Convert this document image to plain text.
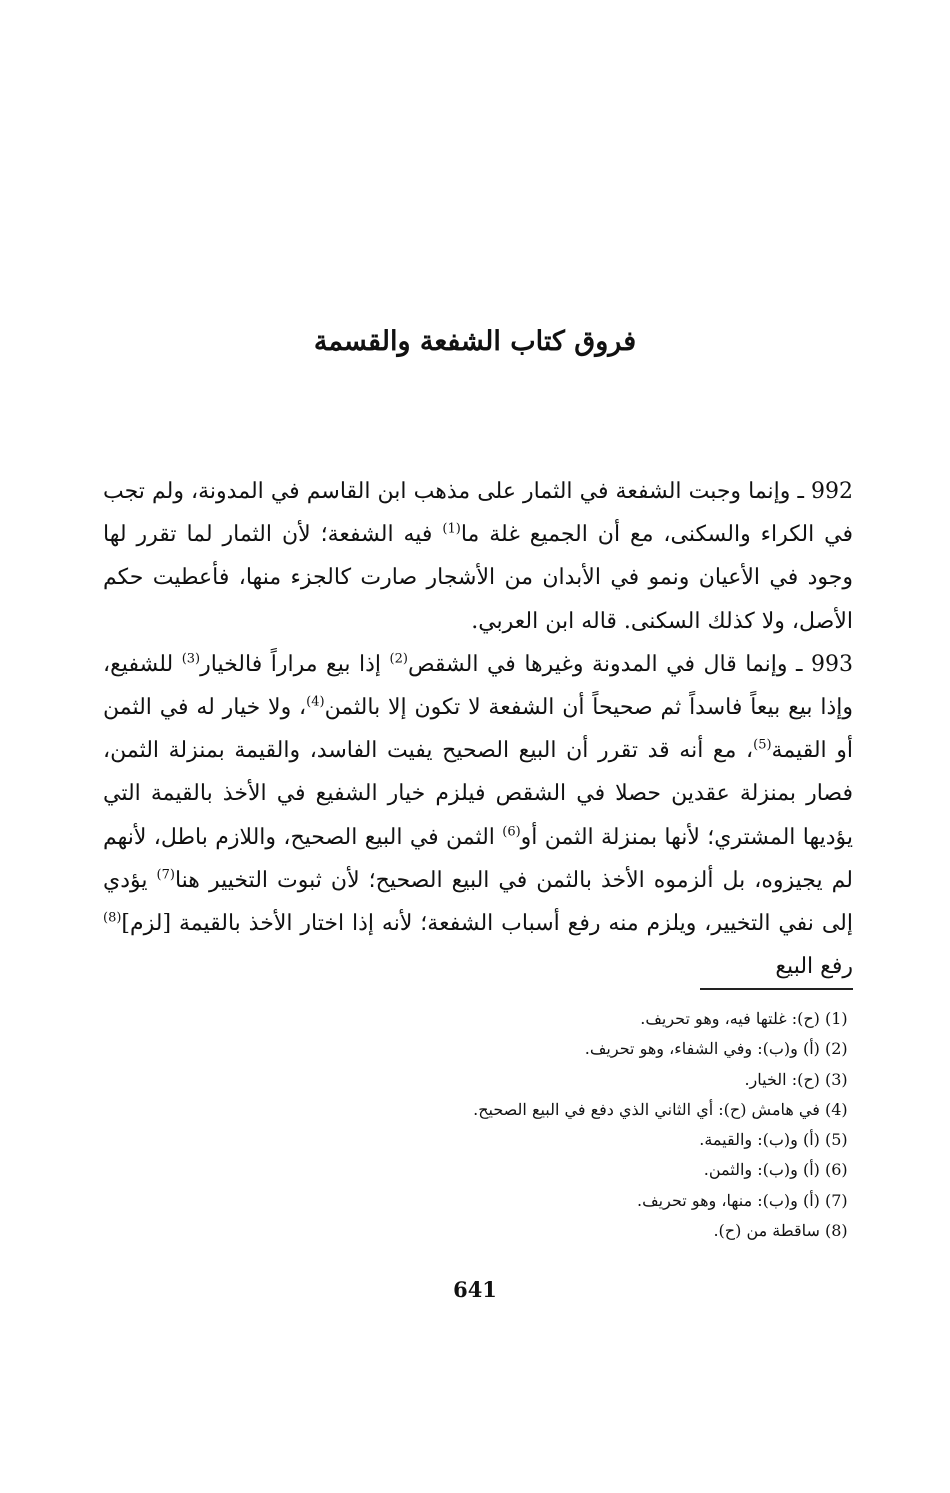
فروق كتاب الشفعة والقسمة

992 ـ وإنما وجبت الشفعة في الثمار على مذهب ابن القاسم في المدونة، ولم تجب في الكراء والسكنى، مع أن الجميع غلة ما$^{(1)}$ فيه الشفعة؛ لأن الثمار لما تقرر لها وجود في الأعيان ونمو في الأبدان من الأشجار صارت كالجزء منها، فأعطيت حكم الأصل، ولا كذلك السكنى. قاله ابن العربي.

993 ـ وإنما قال في المدونة وغيرها في الشقص$^{(2)}$ إذا بيع مراراً فالخيار$^{(3)}$ للشفيع، وإذا بيع بيعاً فاسداً ثم صحيحاً أن الشفعة لا تكون إلا بالثمن$^{(4)}$، ولا خيار له في الثمن أو القيمة$^{(5)}$، مع أنه قد تقرر أن البيع الصحيح يفيت الفاسد، والقيمة بمنزلة الثمن، فصار بمنزلة عقدين حصلا في الشقص فيلزم خيار الشفيع في الأخذ بالقيمة التي يؤديها المشتري؛ لأنها بمنزلة الثمن أو$^{(6)}$ الثمن في البيع الصحيح، واللازم باطل، لأنهم لم يجيزوه، بل ألزموه الأخذ بالثمن في البيع الصحيح؛ لأن ثبوت التخيير هنا$^{(7)}$ يؤدي إلى نفي التخيير، ويلزم منه رفع أسباب الشفعة؛ لأنه إذا اختار الأخذ بالقيمة [لزم]$^{(8)}$ رفع البيع

(1) (ح): غلتها فيه، وهو تحريف.
(2) (أ) و(ب): وفي الشفاء، وهو تحريف.
(3) (ح): الخيار.
(4) في هامش (ح): أي الثاني الذي دفع في البيع الصحيح.
(5) (أ) و(ب): والقيمة.
(6) (أ) و(ب): والثمن.
(7) (أ) و(ب): منها، وهو تحريف.
(8) ساقطة من (ح).
641
